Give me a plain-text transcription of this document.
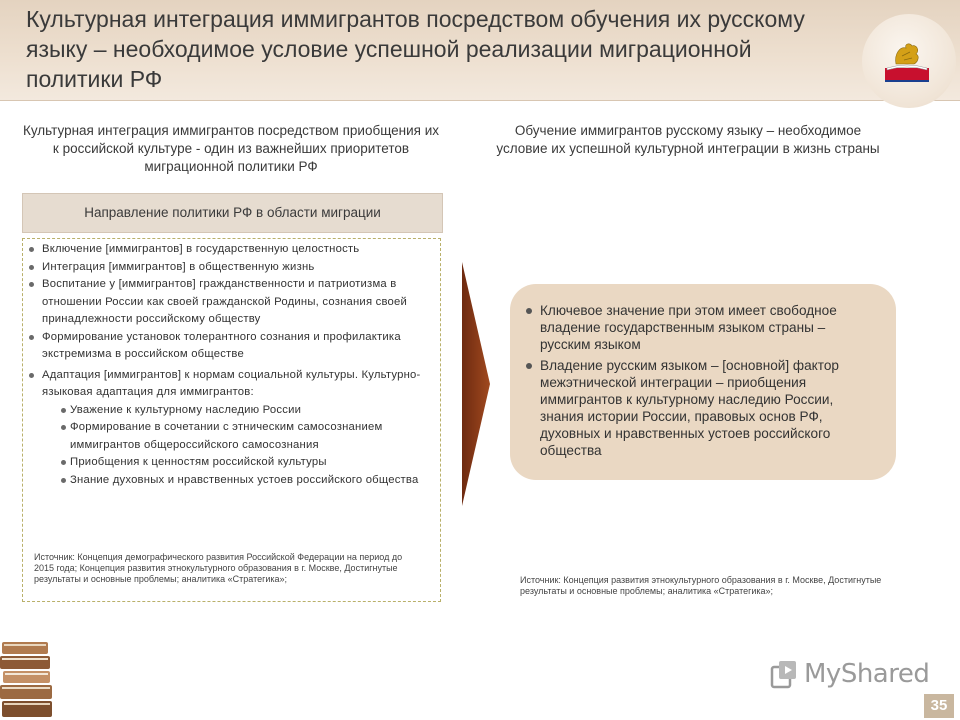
Культурная интеграция иммигрантов посредством обучения их русскому языку – необходимое условие успешной реализации миграционной политики РФ
Культурная интеграция иммигрантов посредством приобщения их к российской культуре - один из важнейших приоритетов миграционной политики РФ
Обучение иммигрантов русскому языку – необходимое условие их успешной культурной интеграции в жизнь страны
Направление политики РФ в области миграции
Включение [иммигрантов] в государственную целостность
Интеграция [иммигрантов] в общественную жизнь
Воспитание у [иммигрантов] гражданственности и патриотизма в отношении России как своей гражданской Родины, сознания своей принадлежности российскому обществу
Формирование установок толерантного сознания и профилактика экстремизма в российском обществе
Адаптация [иммигрантов] к нормам социальной культуры. Культурно-языковая адаптация для иммигрантов:
Уважение к культурному наследию России
Формирование в сочетании с этническим самосознанием иммигрантов общероссийского самосознания
Приобщения к ценностям российской культуры
Знание духовных и нравственных устоев российского общества
Источник: Концепция демографического развития Российской Федерации на период до 2015 года; Концепция развития этнокультурного образования в г. Москве, Достигнутые результаты и основные проблемы; аналитика «Стратегика»;
Ключевое значение при этом имеет свободное владение государственным языком страны – русским языком
Владение русским языком – [основной] фактор межэтнической интеграции – приобщения иммигрантов к культурному наследию России, знания истории России, правовых основ РФ, духовных и нравственных устоев российского общества
Источник: Концепция развития этнокультурного образования в г. Москве, Достигнутые результаты и основные проблемы; аналитика «Стратегика»;
MyShared
35
